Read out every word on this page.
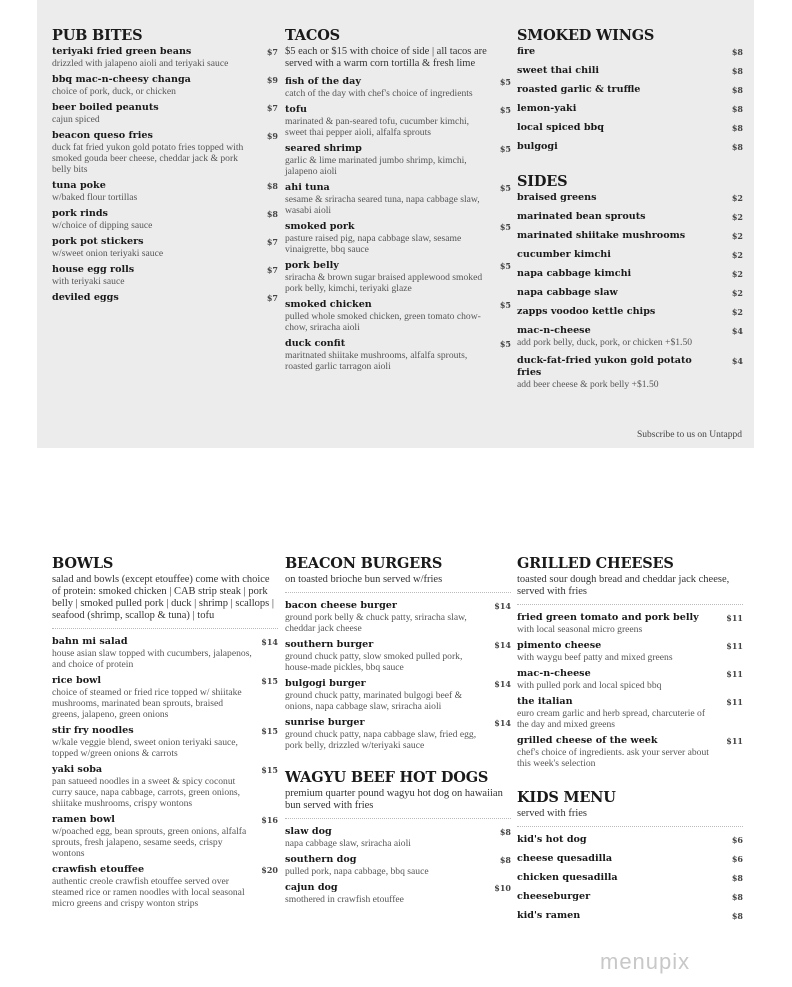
PUB BITES
teriyaki fried green beans
drizzled with jalapeno aioli and teriyaki sauce
$7
bbq mac-n-cheesy changa
choice of pork, duck, or chicken
$9
beer boiled peanuts
cajun spiced
$7
beacon queso fries
duck fat fried yukon gold potato fries topped with smoked gouda beer cheese, cheddar jack & pork belly bits
$9
tuna poke
w/baked flour tortillas
$8
pork rinds
w/choice of dipping sauce
$8
pork pot stickers
w/sweet onion teriyaki sauce
$7
house egg rolls
with teriyaki sauce
$7
deviled eggs	$7
TACOS
$5 each or $15 with choice of side | all tacos are served with a warm corn tortilla & fresh lime
fish of the day
catch of the day with chef's choice of ingredients
$5
tofu
marinated & pan-seared tofu, cucumber kimchi, sweet thai pepper aioli, alfalfa sprouts
$5
seared shrimp
garlic & lime marinated jumbo shrimp, kimchi, jalapeno aioli
$5
ahi tuna
sesame & sriracha seared tuna, napa cabbage slaw, wasabi aioli
$5
smoked pork
pasture raised pig, napa cabbage slaw, sesame vinaigrette, bbq sauce
$5
pork belly
sriracha & brown sugar braised applewood smoked pork belly, kimchi, teriyaki glaze
$5
smoked chicken
pulled whole smoked chicken, green tomato chow-chow, sriracha aioli
$5
duck confit
maritnated shiitake mushrooms, alfalfa sprouts, roasted garlic tarragon aioli
$5
SMOKED WINGS
fire	$8
sweet thai chili	$8
roasted garlic & truffle	$8
lemon-yaki	$8
local spiced bbq	$8
bulgogi	$8
SIDES
braised greens	$2
marinated bean sprouts	$2
marinated shiitake mushrooms	$2
cucumber kimchi	$2
napa cabbage kimchi	$2
napa cabbage slaw	$2
zapps voodoo kettle chips	$2
mac-n-cheese
add pork belly, duck, pork, or chicken +$1.50
$4
duck-fat-fried yukon gold potato fries
add beer cheese & pork belly +$1.50
$4
BOWLS
salad and bowls (except etouffee) come with choice of protein: smoked chicken | CAB strip steak | pork belly | smoked pulled pork | duck | shrimp | scallops | seafood (shrimp, scallop & tuna) | tofu
bahn mi salad
house asian slaw topped with cucumbers, jalapenos, and choice of protein
$14
rice bowl
choice of steamed or fried rice topped w/ shiitake mushrooms, marinated bean sprouts, braised greens, jalapeno, green onions
$15
stir fry noodles
w/kale veggie blend, sweet onion teriyaki sauce, topped w/green onions & carrots
$15
yaki soba
pan satueed noodles in a sweet & spicy coconut curry sauce, napa cabbage, carrots, green onions, shiitake mushrooms, crispy wontons
$15
ramen bowl
w/poached egg, bean sprouts, green onions, alfalfa sprouts, fresh jalapeno, sesame seeds, crispy wontons
$16
crawfish etouffee
authentic creole crawfish etouffee served over steamed rice or ramen noodles with local seasonal micro greens and crispy wonton strips
$20
BEACON BURGERS
on toasted brioche bun served w/fries
bacon cheese burger
ground pork belly & chuck patty, sriracha slaw, cheddar jack cheese
$14
southern burger
ground chuck patty, slow smoked pulled pork, house-made pickles, bbq sauce
$14
bulgogi burger
ground chuck patty, marinated bulgogi beef & onions, napa cabbage slaw, sriracha aioli
$14
sunrise burger
ground chuck patty, napa cabbage slaw, fried egg, pork belly, drizzled w/teriyaki sauce
$14
WAGYU BEEF HOT DOGS
premium quarter pound wagyu hot dog on hawaiian bun served with fries
slaw dog
napa cabbage slaw, sriracha aioli
$8
southern dog
pulled pork, napa cabbage, bbq sauce
$8
cajun dog
smothered in crawfish etouffee
$10
GRILLED CHEESES
toasted sour dough bread and cheddar jack cheese, served with fries
fried green tomato and pork belly
with local seasonal micro greens
$11
pimento cheese
with waygu beef patty and mixed greens
$11
mac-n-cheese
with pulled pork and local spiced bbq
$11
the italian
euro cream garlic and herb spread, charcuterie of the day and mixed greens
$11
grilled cheese of the week
chef's choice of ingredients. ask your server about this week's selection
$11
KIDS MENU
served with fries
kid's hot dog	$6
cheese quesadilla	$6
chicken quesadilla	$8
cheeseburger	$8
kid's ramen	$8
Subscribe to us on Untappd
menupix
